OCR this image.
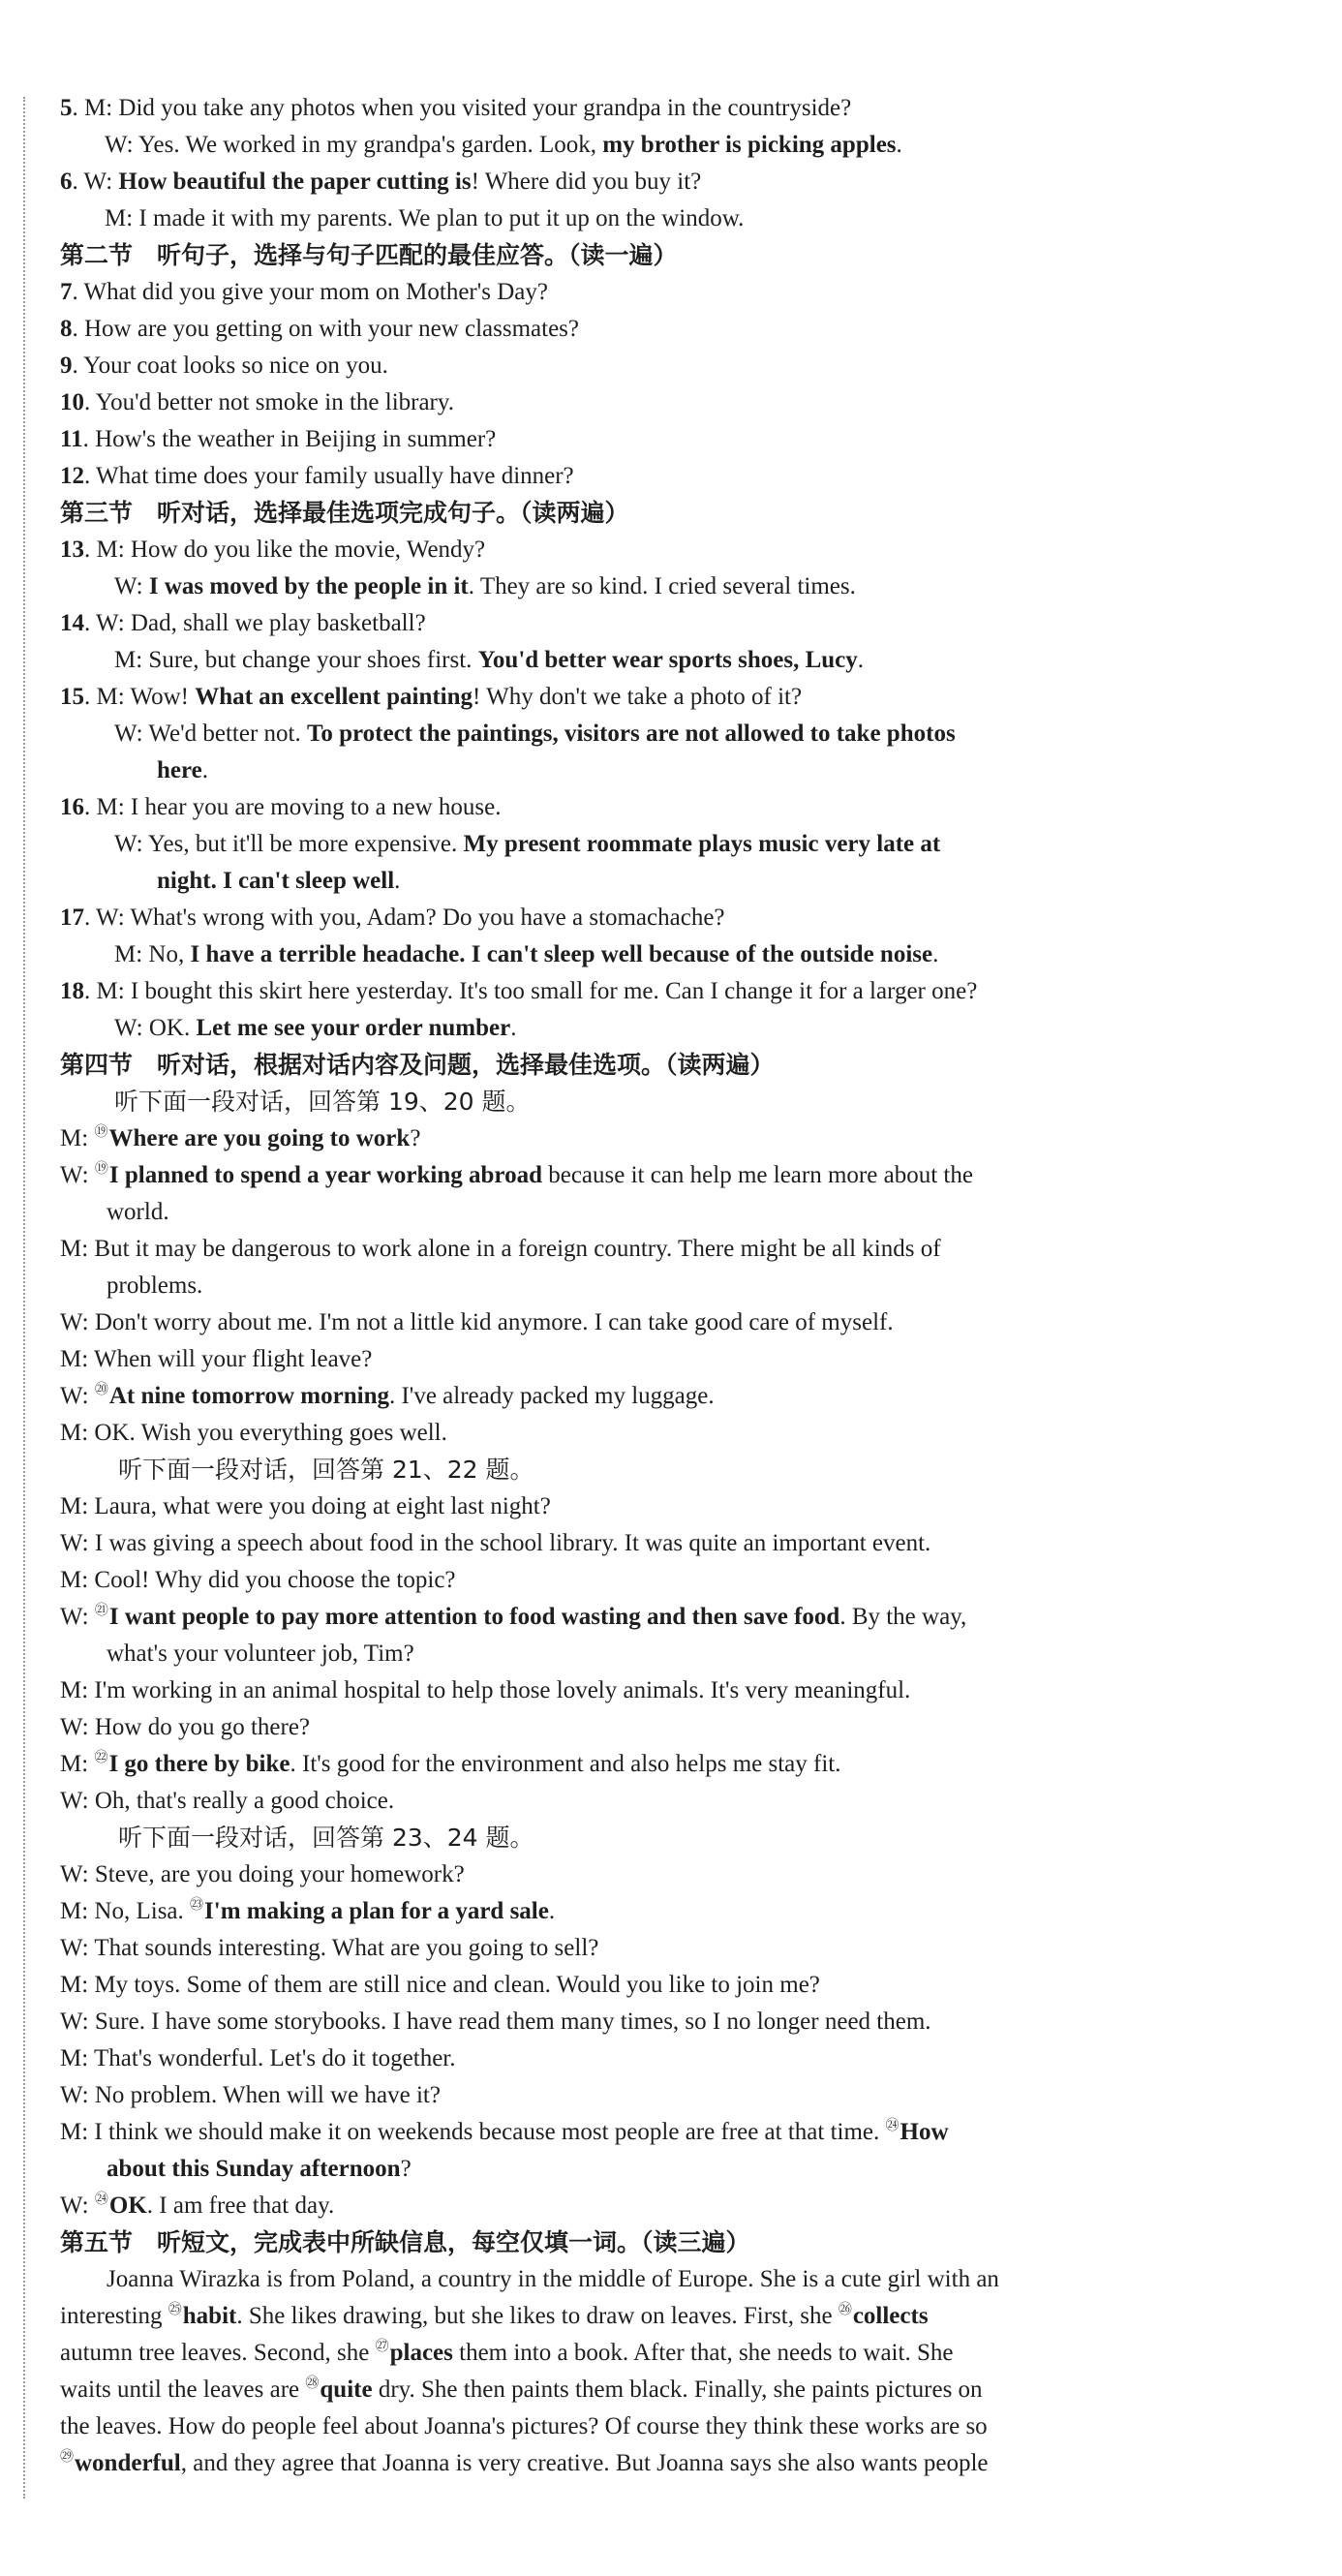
5. M: Did you take any photos when you visited your grandpa in the countryside?
W: Yes. We worked in my grandpa's garden. Look, my brother is picking apples.
6. W: How beautiful the paper cutting is! Where did you buy it?
M: I made it with my parents. We plan to put it up on the window.
第二节　听句子，选择与句子匹配的最佳应答。（读一遍）
7. What did you give your mom on Mother's Day?
8. How are you getting on with your new classmates?
9. Your coat looks so nice on you.
10. You'd better not smoke in the library.
11. How's the weather in Beijing in summer?
12. What time does your family usually have dinner?
第三节　听对话，选择最佳选项完成句子。（读两遍）
13. M: How do you like the movie, Wendy?
W: I was moved by the people in it. They are so kind. I cried several times.
14. W: Dad, shall we play basketball?
M: Sure, but change your shoes first. You'd better wear sports shoes, Lucy.
15. M: Wow! What an excellent painting! Why don't we take a photo of it?
W: We'd better not. To protect the paintings, visitors are not allowed to take photos
here.
16. M: I hear you are moving to a new house.
W: Yes, but it'll be more expensive. My present roommate plays music very late at
night. I can't sleep well.
17. W: What's wrong with you, Adam? Do you have a stomachache?
M: No, I have a terrible headache. I can't sleep well because of the outside noise.
18. M: I bought this skirt here yesterday. It's too small for me. Can I change it for a larger one?
W: OK. Let me see your order number.
第四节　听对话，根据对话内容及问题，选择最佳选项。（读两遍）
听下面一段对话，回答第 19、20 题。
M: ⑲Where are you going to work?
W: ⑲I planned to spend a year working abroad because it can help me learn more about the
world.
M: But it may be dangerous to work alone in a foreign country. There might be all kinds of
problems.
W: Don't worry about me. I'm not a little kid anymore. I can take good care of myself.
M: When will your flight leave?
W: ⑳At nine tomorrow morning. I've already packed my luggage.
M: OK. Wish you everything goes well.
听下面一段对话，回答第 21、22 题。
M: Laura, what were you doing at eight last night?
W: I was giving a speech about food in the school library. It was quite an important event.
M: Cool! Why did you choose the topic?
W: $^㉑$I want people to pay more attention to food wasting and then save food. By the way,
what's your volunteer job, Tim?
M: I'm working in an animal hospital to help those lovely animals. It's very meaningful.
W: How do you go there?
M: $^㉒$I go there by bike. It's good for the environment and also helps me stay fit.
W: Oh, that's really a good choice.
听下面一段对话，回答第 23、24 题。
W: Steve, are you doing your homework?
M: No, Lisa. $^㉓$I'm making a plan for a yard sale.
W: That sounds interesting. What are you going to sell?
M: My toys. Some of them are still nice and clean. Would you like to join me?
W: Sure. I have some storybooks. I have read them many times, so I no longer need them.
M: That's wonderful. Let's do it together.
W: No problem. When will we have it?
M: I think we should make it on weekends because most people are free at that time. $^㉔$How
about this Sunday afternoon?
W: $^㉔$OK. I am free that day.
第五节　听短文，完成表中所缺信息，每空仅填一词。（读三遍）
Joanna Wirazka is from Poland, a country in the middle of Europe. She is a cute girl with an
interesting $^㉕$habit. She likes drawing, but she likes to draw on leaves. First, she $^㉖$collects
autumn tree leaves. Second, she $^㉗$places them into a book. After that, she needs to wait. She
waits until the leaves are $^㉘$quite dry. She then paints them black. Finally, she paints pictures on
the leaves. How do people feel about Joanna's pictures? Of course they think these works are so
$^㉙$wonderful, and they agree that Joanna is very creative. But Joanna says she also wants people
